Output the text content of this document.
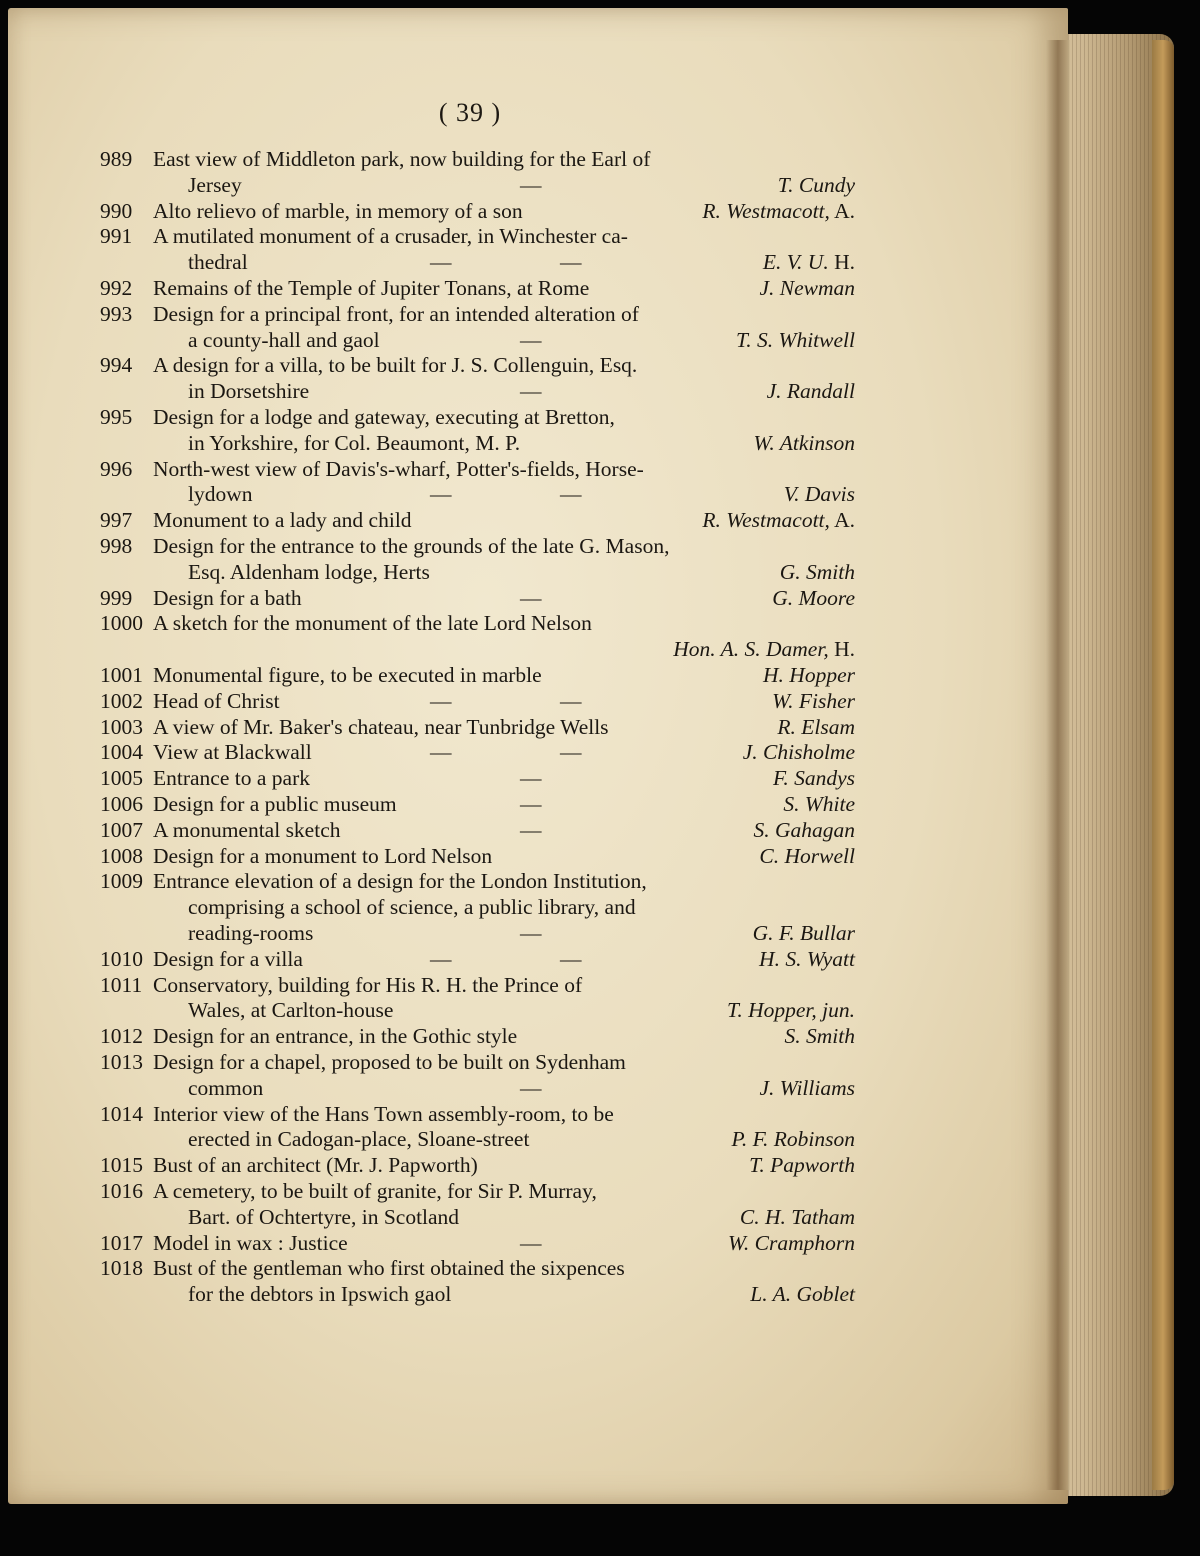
( 39 )
989 East view of Middleton park, now building for the Earl of
Jersey	—	T. Cundy
990 Alto relievo of marble, in memory of a son	R. Westmacott, A.
991 A mutilated monument of a crusader, in Winchester ca-
thedral	—	—	E. V. U. H.
992 Remains of the Temple of Jupiter Tonans, at Rome	J. Newman
993 Design for a principal front, for an intended alteration of
a county-hall and gaol	—	T. S. Whitwell
994 A design for a villa, to be built for J. S. Collenguin, Esq.
in Dorsetshire	—	J. Randall
995 Design for a lodge and gateway, executing at Bretton,
in Yorkshire, for Col. Beaumont, M. P.	W. Atkinson
996 North-west view of Davis's-wharf, Potter's-fields, Horse-
lydown	—	—	V. Davis
997 Monument to a lady and child	R. Westmacott, A.
998 Design for the entrance to the grounds of the late G. Mason,
Esq. Aldenham lodge, Herts	G. Smith
999 Design for a bath	—	G. Moore
1000 A sketch for the monument of the late Lord Nelson
Hon. A. S. Damer, H.
1001 Monumental figure, to be executed in marble	H. Hopper
1002 Head of Christ	—	—	W. Fisher
1003 A view of Mr. Baker's chateau, near Tunbridge Wells	R. Elsam
1004 View at Blackwall	—	—	J. Chisholme
1005 Entrance to a park	—	F. Sandys
1006 Design for a public museum	—	S. White
1007 A monumental sketch	—	S. Gahagan
1008 Design for a monument to Lord Nelson	C. Horwell
1009 Entrance elevation of a design for the London Institution,
comprising a school of science, a public library, and
reading-rooms	—	G. F. Bullar
1010 Design for a villa	—	—	H. S. Wyatt
1011 Conservatory, building for His R. H. the Prince of
Wales, at Carlton-house	T. Hopper, jun.
1012 Design for an entrance, in the Gothic style	S. Smith
1013 Design for a chapel, proposed to be built on Sydenham
common	—	J. Williams
1014 Interior view of the Hans Town assembly-room, to be
erected in Cadogan-place, Sloane-street	P. F. Robinson
1015 Bust of an architect (Mr. J. Papworth)	T. Papworth
1016 A cemetery, to be built of granite, for Sir P. Murray,
Bart. of Ochtertyre, in Scotland	C. H. Tatham
1017 Model in wax : Justice	—	W. Cramphorn
1018 Bust of the gentleman who first obtained the sixpences
for the debtors in Ipswich gaol	L. A. Goblet
